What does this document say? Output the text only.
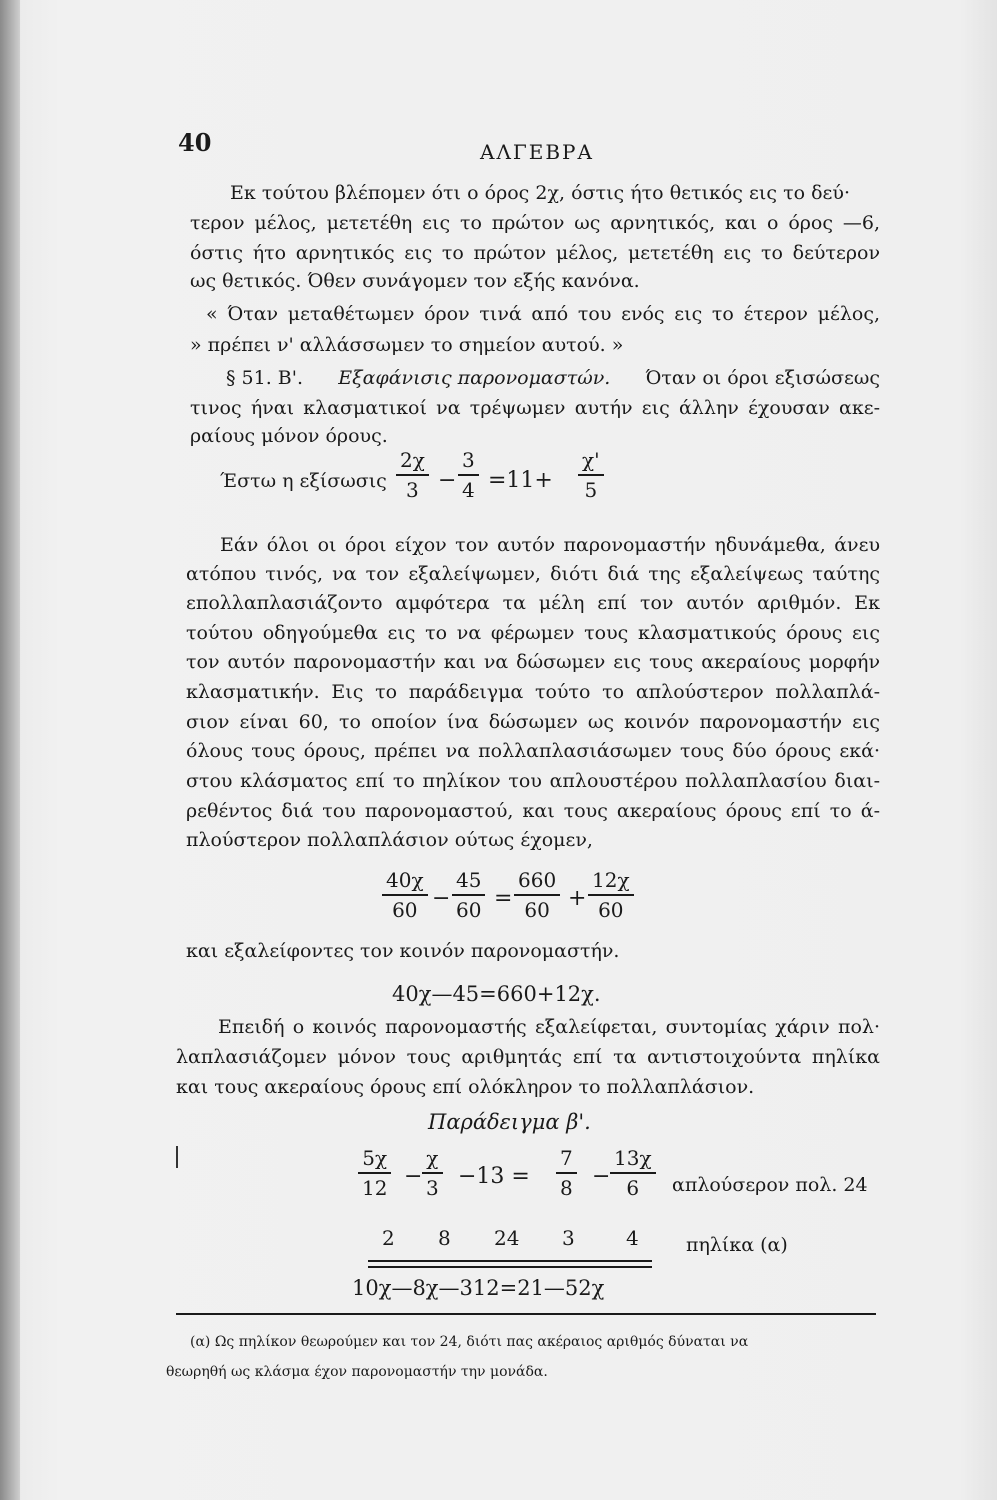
40	ΑΛΓΕΒΡΑ
Εκ τούτου βλέπομεν ότι ο όρος 2χ, όστις ήτο θετικός εις το δεύ·
τερον μέλος, μετετέθη εις το πρώτον ως αρνητικός, και ο όρος —6,
όστις ήτο αρνητικός εις το πρώτον μέλος, μετετέθη εις το δεύτερον
ως θετικός. Όθεν συνάγομεν τον εξής κανόνα.
« Όταν μεταθέτωμεν όρον τινά από του ενός εις το έτερον μέλος,
» πρέπει ν' αλλάσσωμεν το σημείον αυτού. »
§ 51. Β'. Εξαφάνισις παρονομαστών. Όταν οι όροι εξισώσεως
τινος ήναι κλασματικοί να τρέψωμεν αυτήν εις άλλην έχουσαν ακε-
ραίους μόνον όρους.
Έστω η εξίσωσις
2χ
3 −
3
4 =11+
χ'
5
Εάν όλοι οι όροι είχον τον αυτόν παρονομαστήν ηδυνάμεθα, άνευ
ατόπου τινός, να τον εξαλείψωμεν, διότι διά της εξαλείψεως ταύτης
επολλαπλασιάζοντο αμφότερα τα μέλη επί τον αυτόν αριθμόν. Εκ
τούτου οδηγούμεθα εις το να φέρωμεν τους κλασματικούς όρους εις
τον αυτόν παρονομαστήν και να δώσωμεν εις τους ακεραίους μορφήν
κλασματικήν. Εις το παράδειγμα τούτο το απλούστερον πολλαπλά-
σιον είναι 60, το οποίον ίνα δώσωμεν ως κοινόν παρονομαστήν εις
όλους τους όρους, πρέπει να πολλαπλασιάσωμεν τους δύο όρους εκά·
στου κλάσματος επί το πηλίκον του απλουστέρου πολλαπλασίου διαι-
ρεθέντος διά του παρονομαστού, και τους ακεραίους όρους επί το ά-
πλούστερον πολλαπλάσιον ούτως έχομεν,
40χ
60 −
45
60 =
660
60 +
12χ
60
και εξαλείφοντες τον κοινόν παρονομαστήν.
40χ—45=660+12χ.
Επειδή ο κοινός παρονομαστής εξαλείφεται, συντομίας χάριν πολ·
λαπλασιάζομεν μόνον τους αριθμητάς επί τα αντιστοιχούντα πηλίκα
και τους ακεραίους όρους επί ολόκληρον το πολλαπλάσιον.
Παράδειγμα β'.
5χ
12 −
χ
3 −13 =
7
8 −
13χ
6	απλούσερον πολ. 24
2 8 24 3	4 πηλίκα (α)
10χ—8χ—312=21—52χ
(α) Ως πηλίκον θεωρούμεν και τον 24, διότι πας ακέραιος αριθμός δύναται να
θεωρηθή ως κλάσμα έχον παρονομαστήν την μονάδα.
